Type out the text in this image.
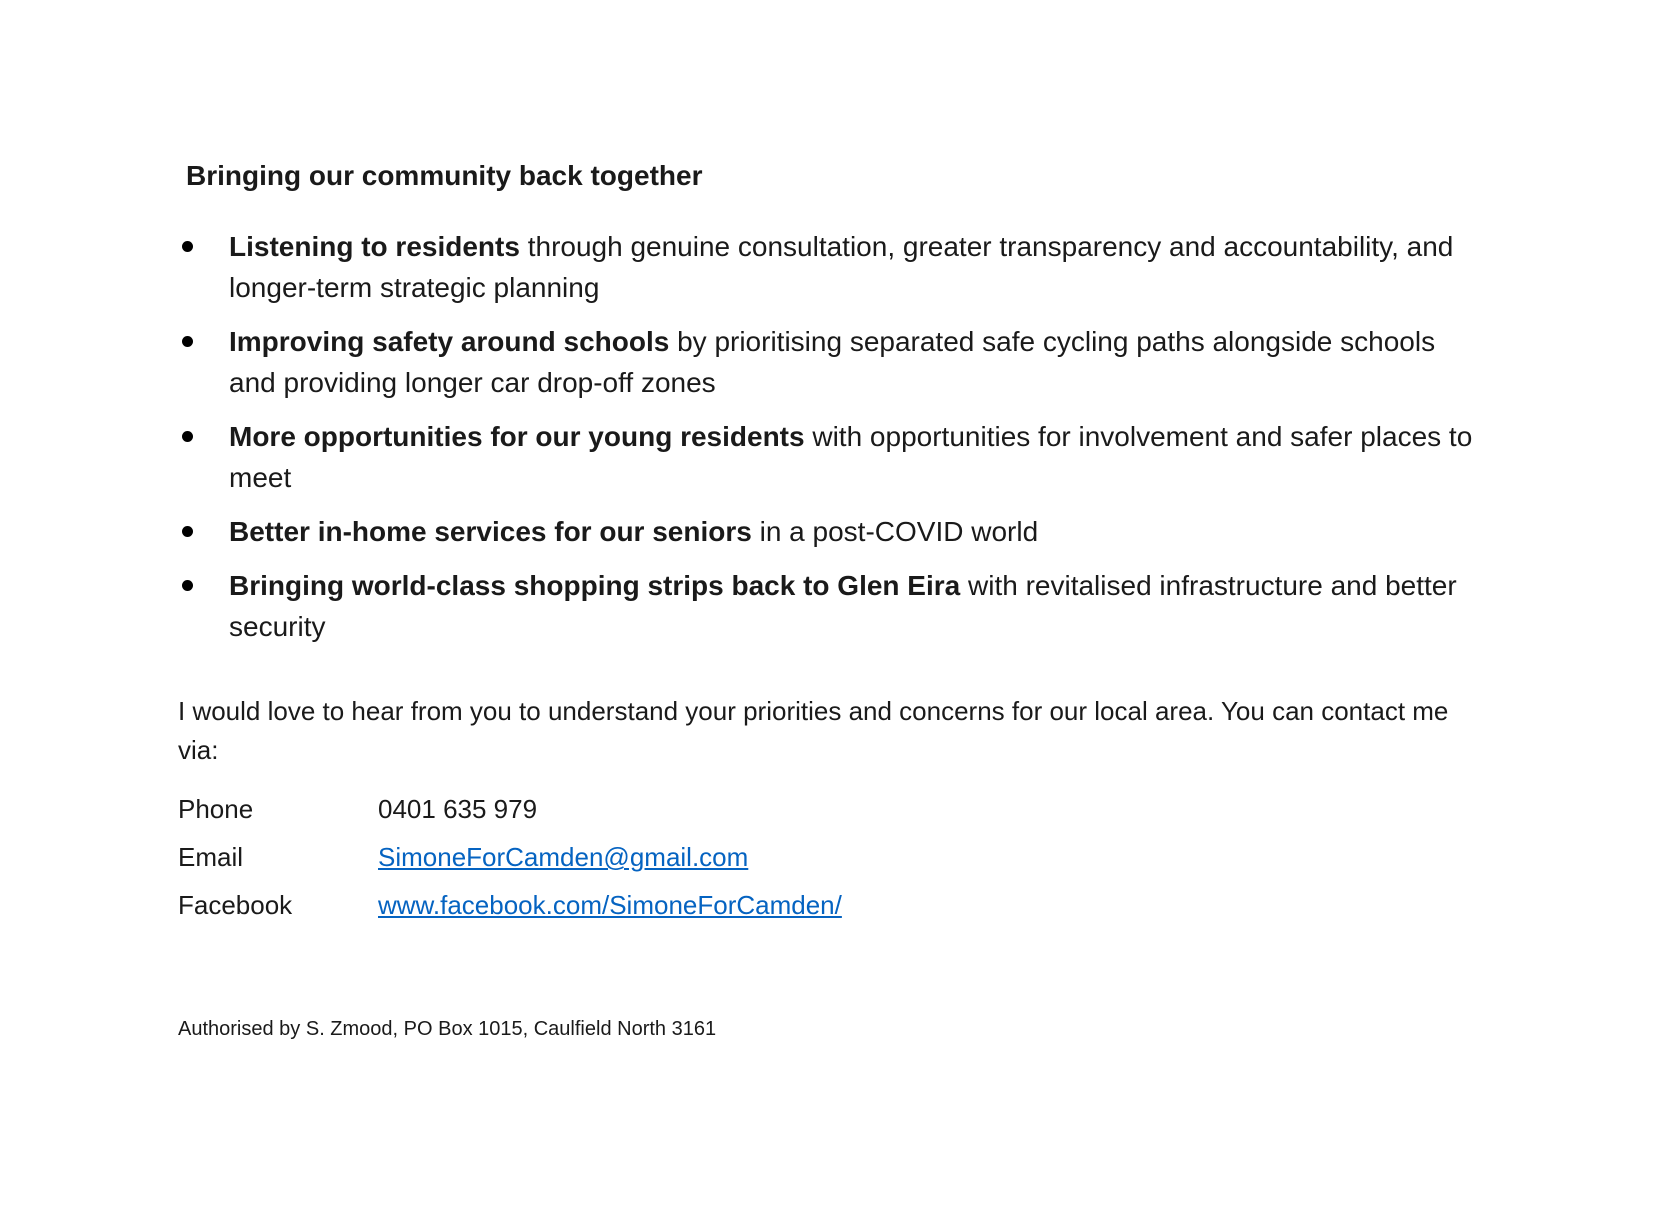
Bringing our community back together
Listening to residents through genuine consultation, greater transparency and accountability, and longer-term strategic planning
Improving safety around schools by prioritising separated safe cycling paths alongside schools and providing longer car drop-off zones
More opportunities for our young residents with opportunities for involvement and safer places to meet
Better in-home services for our seniors in a post-COVID world
Bringing world-class shopping strips back to Glen Eira with revitalised infrastructure and better security

I would love to hear from you to understand your priorities and concerns for our local area. You can contact me via:

Phone	0401 635 979
Email	SimoneForCamden@gmail.com
Facebook	www.facebook.com/SimoneForCamden/
Authorised by S. Zmood, PO Box 1015, Caulfield North 3161
